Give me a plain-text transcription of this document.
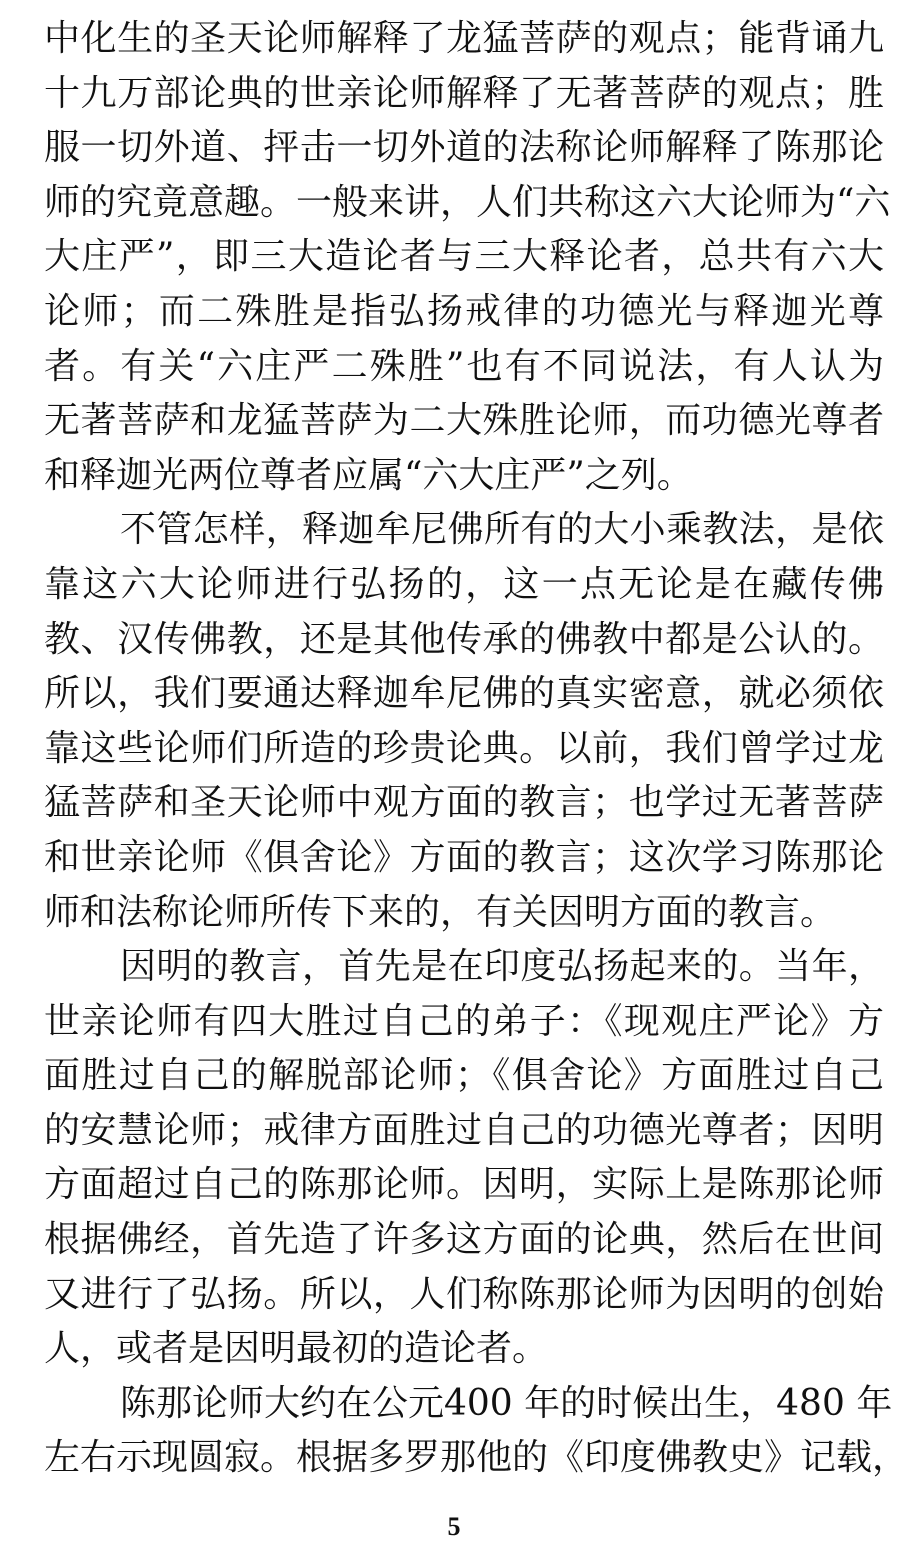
中化生的圣天论师解释了龙猛菩萨的观点；能背诵九
十九万部论典的世亲论师解释了无著菩萨的观点；胜
服一切外道、抨击一切外道的法称论师解释了陈那论
师的究竟意趣。一般来讲，人们共称这六大论师为“六
大庄严”，即三大造论者与三大释论者，总共有六大
论师；而二殊胜是指弘扬戒律的功德光与释迦光尊
者。有关“六庄严二殊胜”也有不同说法，有人认为
无著菩萨和龙猛菩萨为二大殊胜论师，而功德光尊者
和释迦光两位尊者应属“六大庄严”之列。
不管怎样，释迦牟尼佛所有的大小乘教法，是依
靠这六大论师进行弘扬的，这一点无论是在藏传佛
教、汉传佛教，还是其他传承的佛教中都是公认的。
所以，我们要通达释迦牟尼佛的真实密意，就必须依
靠这些论师们所造的珍贵论典。以前，我们曾学过龙
猛菩萨和圣天论师中观方面的教言；也学过无著菩萨
和世亲论师《俱舍论》方面的教言；这次学习陈那论
师和法称论师所传下来的，有关因明方面的教言。
因明的教言，首先是在印度弘扬起来的。当年，
世亲论师有四大胜过自己的弟子：《现观庄严论》方
面胜过自己的解脱部论师；《俱舍论》方面胜过自己
的安慧论师；戒律方面胜过自己的功德光尊者；因明
方面超过自己的陈那论师。因明，实际上是陈那论师
根据佛经，首先造了许多这方面的论典，然后在世间
又进行了弘扬。所以，人们称陈那论师为因明的创始
人，或者是因明最初的造论者。
陈那论师大约在公元400 年的时候出生，480 年
左右示现圆寂。根据多罗那他的《印度佛教史》记载，
5
